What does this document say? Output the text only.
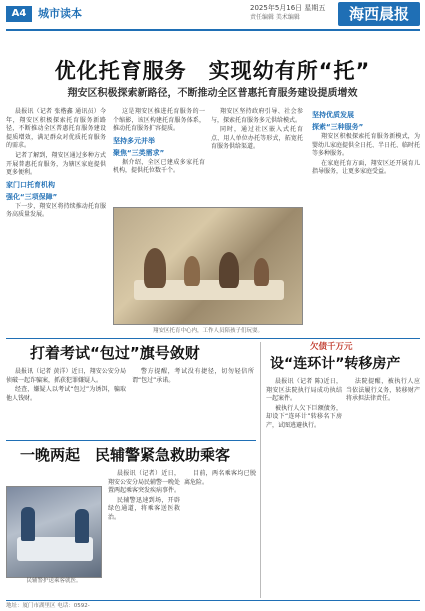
A4	城市读本	2025年5月16日 星期五
责任编辑 美术编辑	海西晨报
优化托育服务　实现幼有所“托”
翔安区积极探索新路径，不断推动全区普惠托育服务建设提质增效

晨报讯（记者 张楷鑫 通讯员）今年，翔安区积极探索托育服务新路径，不断推动全区普惠托育服务建设提质增效，满足群众对优质托育服务的需求。

记者了解到，翔安区通过多种方式开展普惠托育服务，为辖区家庭提供更多便利。

家门口托育机构
强化“三项保障”

下一步，翔安区将持续推动托育服务高质量发展。

这是翔安区推进托育服务的一个缩影，该区构建托育服务体系，推动托育服务扩容提质。

坚持多元并举
聚焦“三类需求”

据介绍，全区已建成多家托育机构，提供托位数千个。

翔安区坚持政府引导、社会参与，探索托育服务多元供给模式。

同时，通过社区嵌入式托育点、用人单位办托等形式，拓宽托育服务供给渠道。

坚持优质发展
探索“三种服务”

翔安区积极探索托育服务新模式，为婴幼儿家庭提供全日托、半日托、临时托等多种服务。

在家庭托育方面，翔安区还开展育儿指导服务，让更多家庭受益。

翔安区托育中心内，工作人员陪孩子们玩耍。
打着考试“包过”旗号敛财

晨报讯（记者 黄洋）近日，翔安公安分局侦破一起诈骗案，抓获犯罪嫌疑人。

经查，嫌疑人以考试“包过”为诱饵，骗取他人钱财。

警方提醒，考试没有捷径，切勿轻信所谓“包过”承诺。

欠债千万元
设“连环计”转移房产

晨报讯（记者 陈)近日，翔安区法院执行局成功执结一起案件。

被执行人欠下巨额债务，却设下“连环计”转移名下房产，试图逃避执行。

法院提醒，被执行人应当依法履行义务，转移财产将承担法律责任。

一晚两起　民辅警紧急救助乘客
民辅警护送乘客就医。

晨报讯（记者）近日，翔安公安分局民辅警一晚处置两起乘客突发疾病事件。

民辅警迅速到场，开辟绿色通道，将乘客送医救治。

目前，两名乘客均已脱离危险。

地址：厦门市湖里区 电话：0592-
